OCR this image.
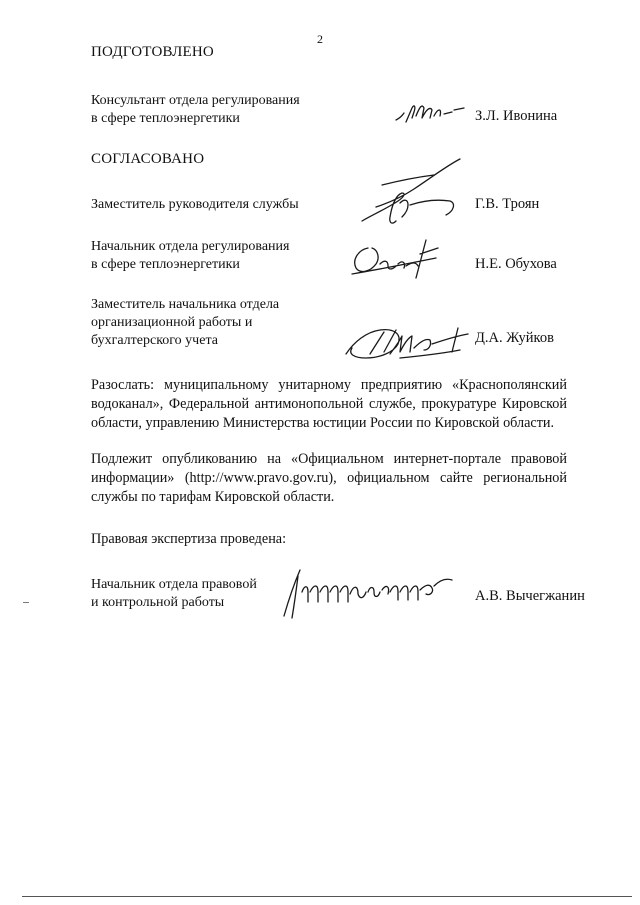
2
ПОДГОТОВЛЕНО
Консультант отдела регулирования
в сфере теплоэнергетики	З.Л. Ивонина
СОГЛАСОВАНО
Заместитель руководителя службы	Г.В. Троян
Начальник отдела регулирования
в сфере теплоэнергетики	Н.Е. Обухова
Заместитель начальника отдела
организационной работы и
бухгалтерского учета	Д.А. Жуйков
Разослать: муниципальному унитарному предприятию «Краснополянский
водоканал», Федеральной антимонопольной службе, прокуратуре Кировской
области, управлению Министерства юстиции России по Кировской области.
Подлежит опубликованию на «Официальном интернет-портале правовой
информации» (http://www.pravo.gov.ru), официальном сайте региональной
службы по тарифам Кировской области.
Правовая экспертиза проведена:
Начальник отдела правовой
и контрольной работы	А.В. Вычегжанин
